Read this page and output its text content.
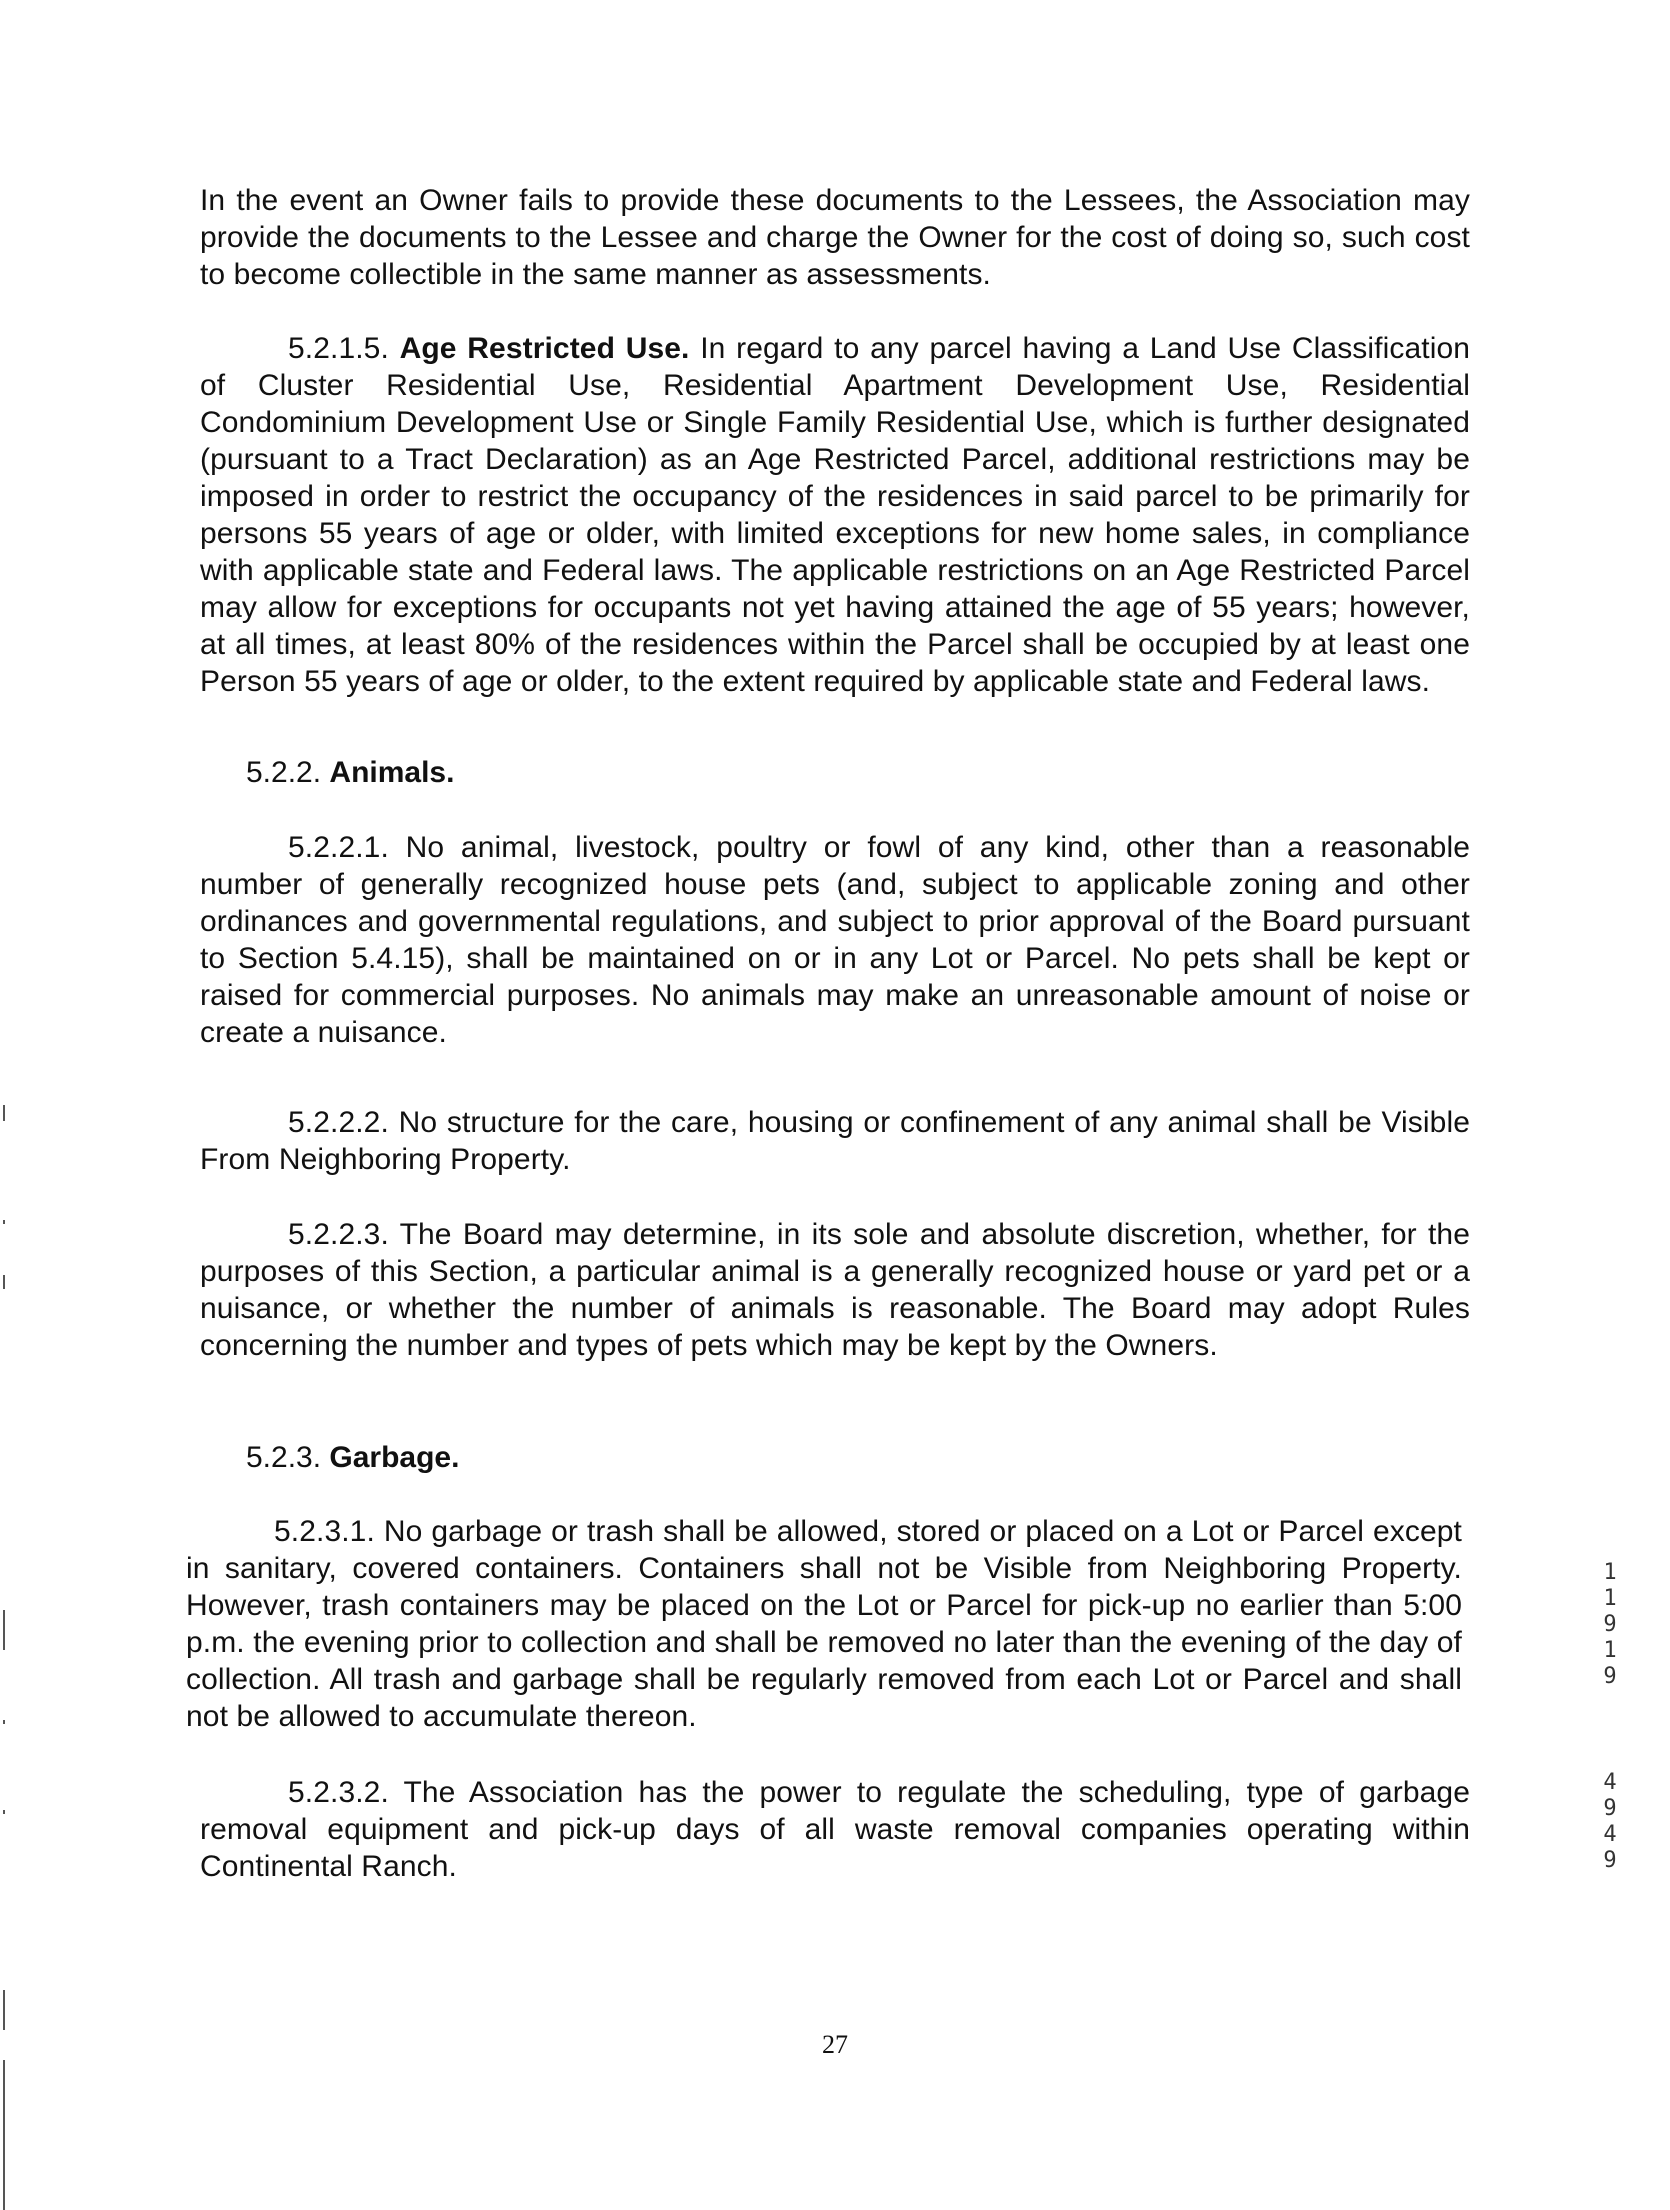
In the event an Owner fails to provide these documents to the Lessees, the Association may provide the documents to the Lessee and charge the Owner for the cost of doing so, such cost to become collectible in the same manner as assessments.

5.2.1.5. Age Restricted Use. In regard to any parcel having a Land Use Classification of Cluster Residential Use, Residential Apartment Development Use, Residential Condominium Development Use or Single Family Residential Use, which is further designated (pursuant to a Tract Declaration) as an Age Restricted Parcel, additional restrictions may be imposed in order to restrict the occupancy of the residences in said parcel to be primarily for persons 55 years of age or older, with limited exceptions for new home sales, in compliance with applicable state and Federal laws. The applicable restrictions on an Age Restricted Parcel may allow for exceptions for occupants not yet having attained the age of 55 years; however, at all times, at least 80% of the residences within the Parcel shall be occupied by at least one Person 55 years of age or older, to the extent required by applicable state and Federal laws.

5.2.2. Animals.

5.2.2.1. No animal, livestock, poultry or fowl of any kind, other than a reasonable number of generally recognized house pets (and, subject to applicable zoning and other ordinances and governmental regulations, and subject to prior approval of the Board pursuant to Section 5.4.15), shall be maintained on or in any Lot or Parcel. No pets shall be kept or raised for commercial purposes. No animals may make an unreasonable amount of noise or create a nuisance.

5.2.2.2. No structure for the care, housing or confinement of any animal shall be Visible From Neighboring Property.

5.2.2.3. The Board may determine, in its sole and absolute discretion, whether, for the purposes of this Section, a particular animal is a generally recognized house or yard pet or a nuisance, or whether the number of animals is reasonable. The Board may adopt Rules concerning the number and types of pets which may be kept by the Owners.

5.2.3. Garbage.

5.2.3.1. No garbage or trash shall be allowed, stored or placed on a Lot or Parcel except in sanitary, covered containers. Containers shall not be Visible from Neighboring Property. However, trash containers may be placed on the Lot or Parcel for pick-up no earlier than 5:00 p.m. the evening prior to collection and shall be removed no later than the evening of the day of collection. All trash and garbage shall be regularly removed from each Lot or Parcel and shall not be allowed to accumulate thereon.

5.2.3.2. The Association has the power to regulate the scheduling, type of garbage removal equipment and pick-up days of all waste removal companies operating within Continental Ranch.

27
1
1
9
1
9
4
9
4
9
